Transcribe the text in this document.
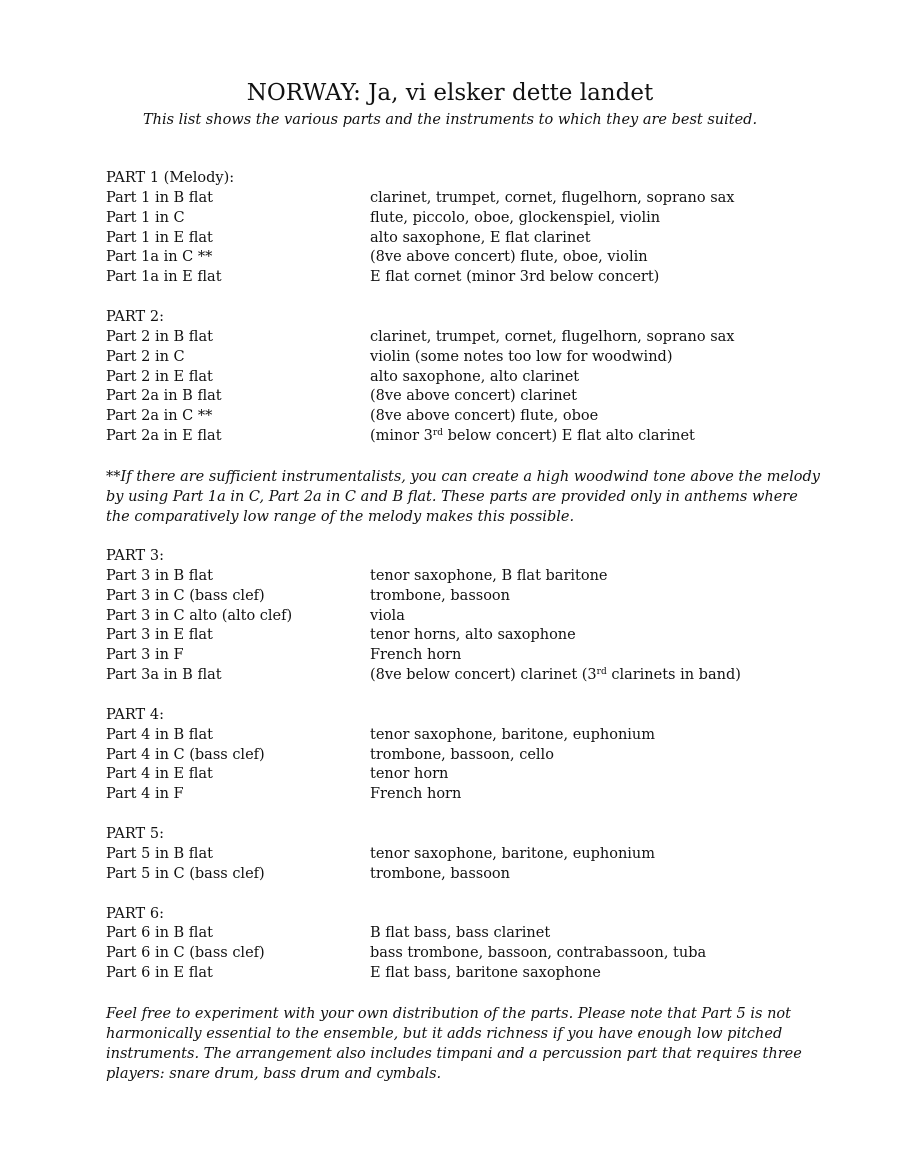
NORWAY: Ja, vi elsker dette landet

This list shows the various parts and the instruments to which they are best suited.

PART 1 (Melody):
Part 1 in B flat	clarinet, trumpet, cornet, flugelhorn, soprano sax
Part 1 in C	flute, piccolo, oboe, glockenspiel, violin
Part 1 in E flat	alto saxophone, E flat clarinet
Part 1a in C **	(8ve above concert) flute, oboe, violin
Part 1a in E flat	E flat cornet (minor 3rd below concert)
PART 2:
Part 2 in B flat	clarinet, trumpet, cornet, flugelhorn, soprano sax
Part 2 in C	violin (some notes too low for woodwind)
Part 2 in E flat	alto saxophone, alto clarinet
Part 2a in B flat	(8ve above concert) clarinet
Part 2a in C **	(8ve above concert) flute, oboe
Part 2a in E flat	(minor 3rd below concert) E flat alto clarinet

**If there are sufficient instrumentalists, you can create a high woodwind tone above the melody

by using Part 1a in C, Part 2a in C and B flat. These parts are provided only in anthems where

the comparatively low range of the melody makes this possible.

PART 3:
Part 3 in B flat	tenor saxophone, B flat baritone
Part 3 in C (bass clef)	trombone, bassoon
Part 3 in C alto (alto clef)	viola
Part 3 in E flat	tenor horns, alto saxophone
Part 3 in F	French horn
Part 3a in B flat	(8ve below concert) clarinet (3rd clarinets in band)
PART 4:
Part 4 in B flat	tenor saxophone, baritone, euphonium
Part 4 in C (bass clef)	trombone, bassoon, cello
Part 4 in E flat	tenor horn
Part 4 in F	French horn
PART 5:
Part 5 in B flat	tenor saxophone, baritone, euphonium
Part 5 in C (bass clef)	trombone, bassoon
PART 6:
Part 6 in B flat	B flat bass, bass clarinet
Part 6 in C (bass clef)	bass trombone, bassoon, contrabassoon, tuba
Part 6 in E flat	E flat bass, baritone saxophone

Feel free to experiment with your own distribution of the parts. Please note that Part 5 is not

harmonically essential to the ensemble, but it adds richness if you have enough low pitched

instruments. The arrangement also includes timpani and a percussion part that requires three

players: snare drum, bass drum and cymbals.
